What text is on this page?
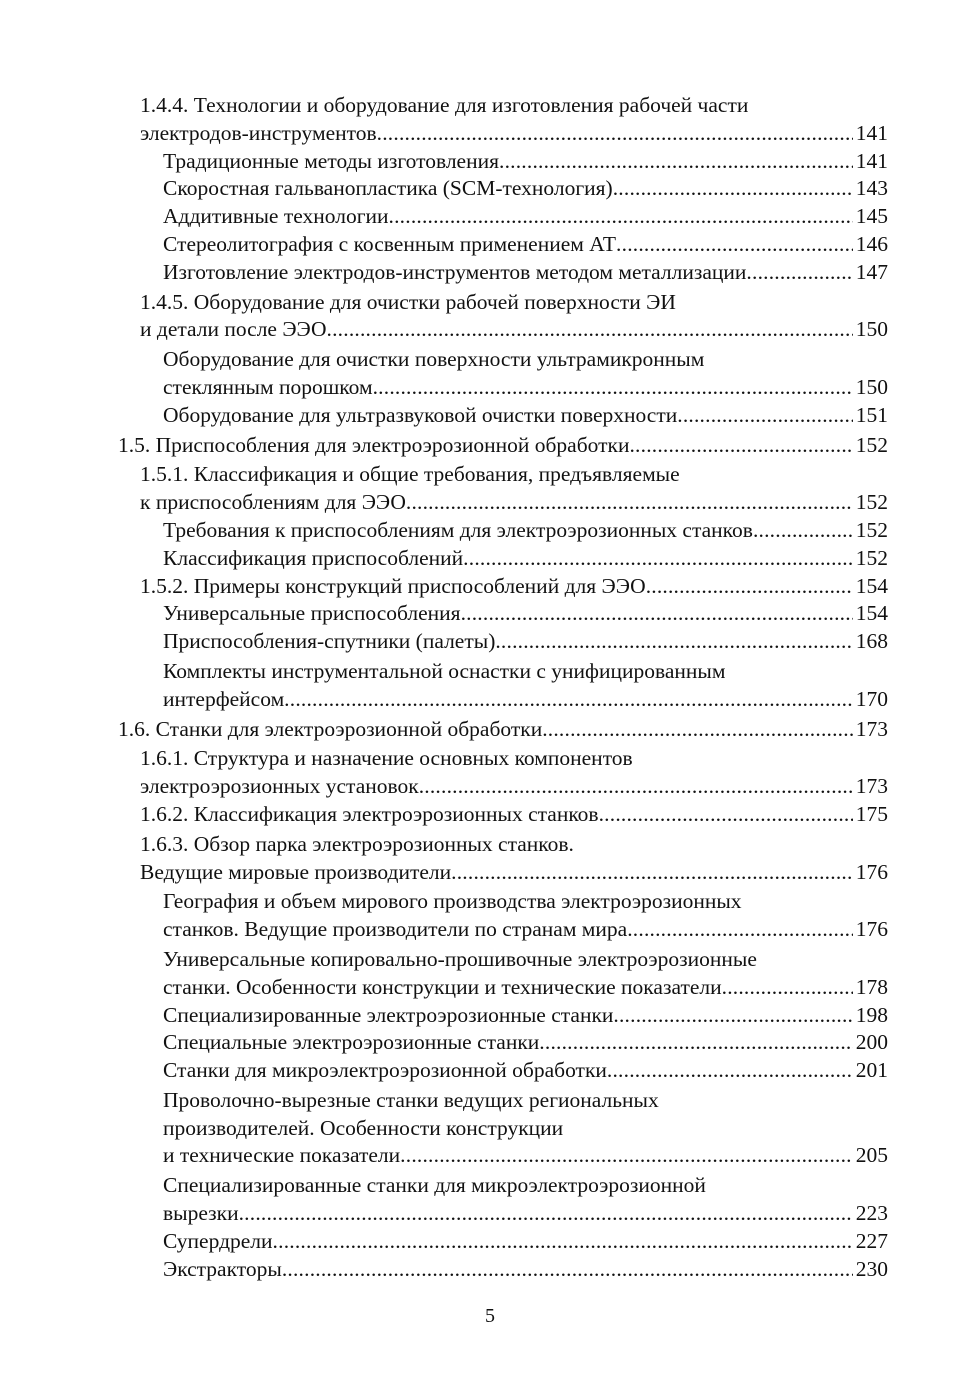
1.4.4. Технологии и оборудование для изготовления рабочей части
электродов-инструментов .....	141
Традиционные методы изготовления .....	141
Скоростная гальванопластика (SCM-технология) .....	143
Аддитивные технологии .....	145
Стереолитография с косвенным применением АТ .....	146
Изготовление электродов-инструментов методом металлизации .....	147
1.4.5. Оборудование для очистки рабочей поверхности ЭИ
и детали после ЭЭО .....	150
Оборудование для очистки поверхности ультрамикронным
стеклянным порошком .....	150
Оборудование для ультразвуковой очистки поверхности .....	151
1.5. Приспособления для электроэрозионной обработки .....	152
1.5.1. Классификация и общие требования, предъявляемые
к приспособлениям для ЭЭО .....	152
Требования к приспособлениям для электроэрозионных станков .....	152
Классификация приспособлений .....	152
1.5.2. Примеры конструкций приспособлений для ЭЭО .....	154
Универсальные приспособления .....	154
Приспособления-спутники (палеты) .....	168
Комплекты инструментальной оснастки с унифицированным
интерфейсом .....	170
1.6. Станки для электроэрозионной обработки .....	173
1.6.1. Структура и назначение основных компонентов
электроэрозионных установок .....	173
1.6.2. Классификация электроэрозионных станков .....	175
1.6.3. Обзор парка электроэрозионных станков.
Ведущие мировые производители .....	176
География и объем мирового производства электроэрозионных
станков. Ведущие производители по странам мира .....	176
Универсальные копировально-прошивочные электроэрозионные
станки. Особенности конструкции и технические показатели .....	178
Специализированные электроэрозионные станки .....	198
Специальные электроэрозионные станки .....	200
Станки для микроэлектроэрозионной обработки .....	201
Проволочно-вырезные станки ведущих региональных
производителей. Особенности конструкции
и технические показатели .....	205
Специализированные станки для микроэлектроэрозионной
вырезки .....	223
Супердрели .....	227
Экстракторы .....	230
5
